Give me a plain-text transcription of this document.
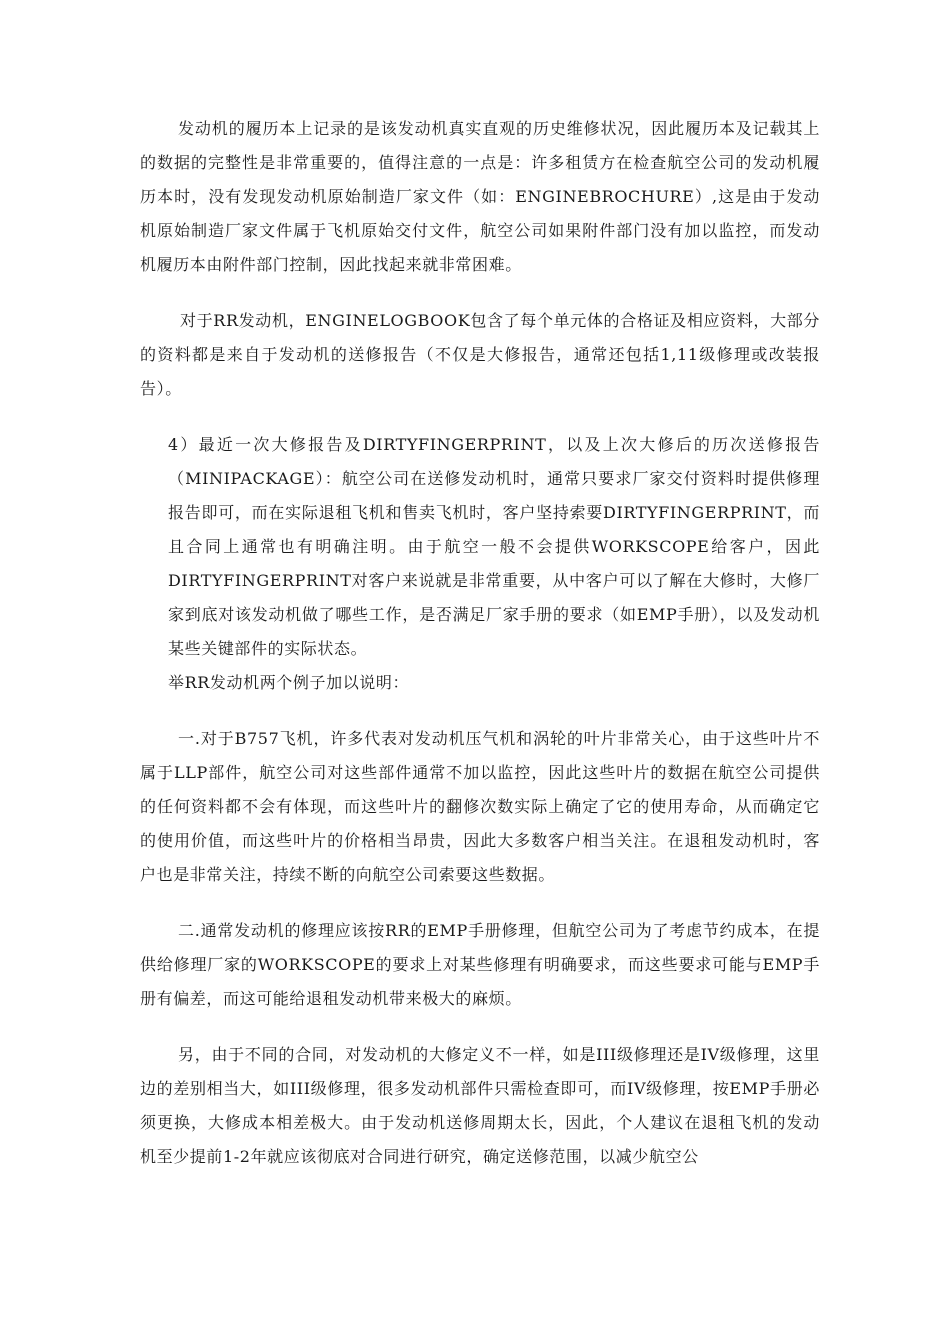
发动机的履历本上记录的是该发动机真实直观的历史维修状况，因此履历本及记载其上的数据的完整性是非常重要的，值得注意的一点是：许多租赁方在检查航空公司的发动机履历本时，没有发现发动机原始制造厂家文件（如：ENGINEBROCHURE）,这是由于发动机原始制造厂家文件属于飞机原始交付文件，航空公司如果附件部门没有加以监控，而发动机履历本由附件部门控制，因此找起来就非常困难。

对于RR发动机，ENGINELOGBOOK包含了每个单元体的合格证及相应资料，大部分的资料都是来自于发动机的送修报告（不仅是大修报告，通常还包括1,11级修理或改装报告）。

4）最近一次大修报告及DIRTYFINGERPRINT，以及上次大修后的历次送修报告（MINIPACKAGE）：航空公司在送修发动机时，通常只要求厂家交付资料时提供修理报告即可，而在实际退租飞机和售卖飞机时，客户坚持索要DIRTYFINGERPRINT，而且合同上通常也有明确注明。由于航空一般不会提供WORKSCOPE给客户，因此DIRTYFINGERPRINT对客户来说就是非常重要，从中客户可以了解在大修时，大修厂家到底对该发动机做了哪些工作，是否满足厂家手册的要求（如EMP手册），以及发动机某些关键部件的实际状态。

举RR发动机两个例子加以说明：

一.对于B757飞机，许多代表对发动机压气机和涡轮的叶片非常关心，由于这些叶片不属于LLP部件，航空公司对这些部件通常不加以监控，因此这些叶片的数据在航空公司提供的任何资料都不会有体现，而这些叶片的翻修次数实际上确定了它的使用寿命，从而确定它的使用价值，而这些叶片的价格相当昂贵，因此大多数客户相当关注。在退租发动机时，客户也是非常关注，持续不断的向航空公司索要这些数据。

二.通常发动机的修理应该按RR的EMP手册修理，但航空公司为了考虑节约成本，在提供给修理厂家的WORKSCOPE的要求上对某些修理有明确要求，而这些要求可能与EMP手册有偏差，而这可能给退租发动机带来极大的麻烦。

另，由于不同的合同，对发动机的大修定义不一样，如是III级修理还是IV级修理，这里边的差别相当大，如III级修理，很多发动机部件只需检查即可，而IV级修理，按EMP手册必须更换，大修成本相差极大。由于发动机送修周期太长，因此，个人建议在退租飞机的发动机至少提前1-2年就应该彻底对合同进行研究，确定送修范围，以减少航空公
